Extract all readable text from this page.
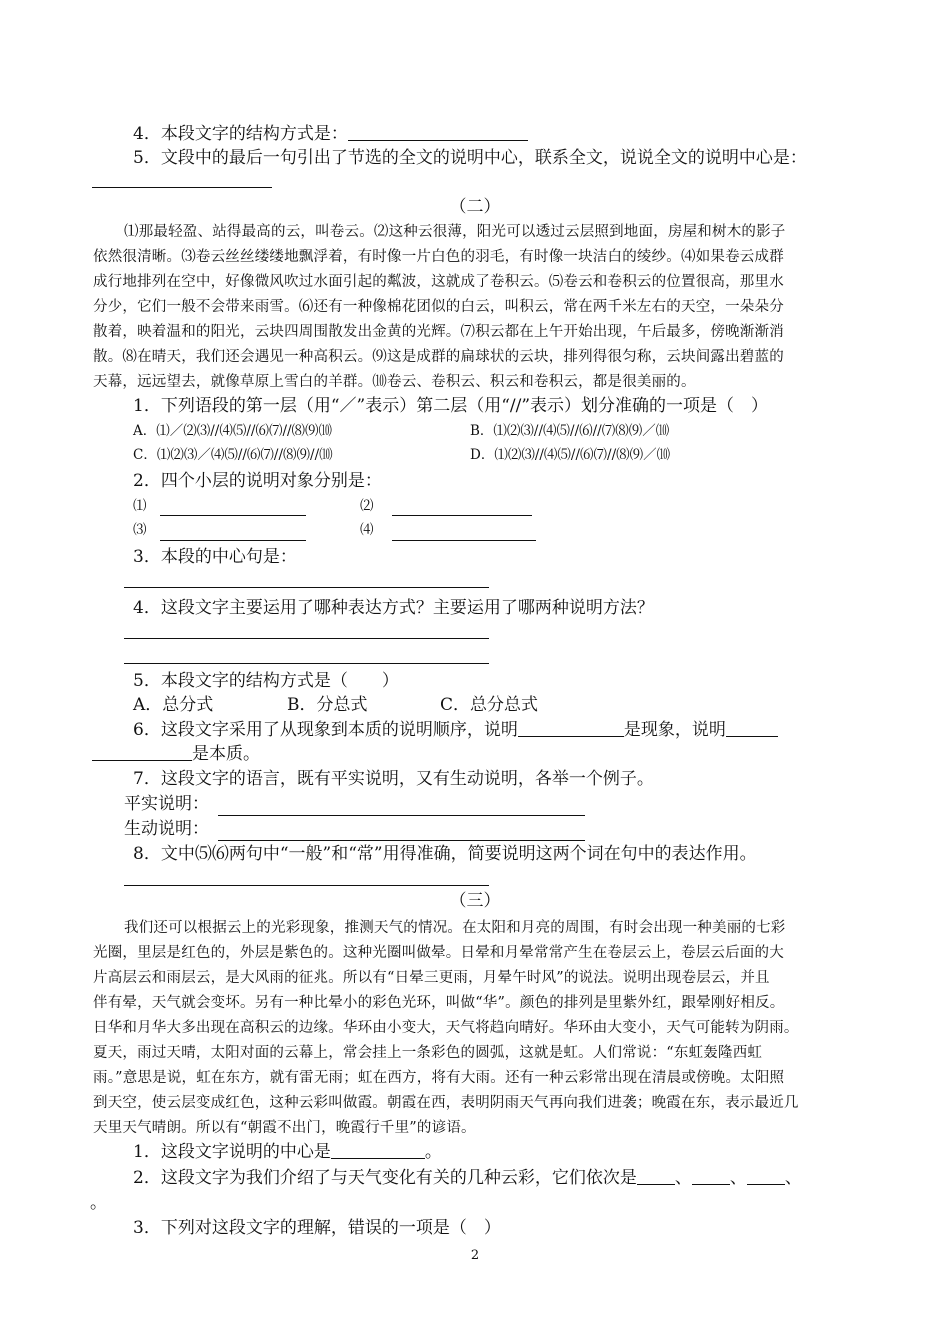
4．本段文字的结构方式是：
5．文段中的最后一句引出了节选的全文的说明中心，联系全文，说说全文的说明中心是：
（二）
⑴那最轻盈、站得最高的云，叫卷云。⑵这种云很薄，阳光可以透过云层照到地面，房屋和树木的影子
依然很清晰。⑶卷云丝丝缕缕地飘浮着，有时像一片白色的羽毛，有时像一块洁白的绫纱。⑷如果卷云成群
成行地排列在空中，好像微风吹过水面引起的粼波，这就成了卷积云。⑸卷云和卷积云的位置很高，那里水
分少，它们一般不会带来雨雪。⑹还有一种像棉花团似的白云，叫积云，常在两千米左右的天空，一朵朵分
散着，映着温和的阳光，云块四周围散发出金黄的光辉。⑺积云都在上午开始出现，午后最多，傍晚渐渐消
散。⑻在晴天，我们还会遇见一种高积云。⑼这是成群的扁球状的云块，排列得很匀称，云块间露出碧蓝的
天幕，远远望去，就像草原上雪白的羊群。⑽卷云、卷积云、积云和卷积云，都是很美丽的。
1．下列语段的第一层（用“／”表示）第二层（用“//”表示）划分准确的一项是（　）
A．⑴／⑵⑶//⑷⑸//⑹⑺//⑻⑼⑽	B．⑴⑵⑶//⑷⑸//⑹//⑺⑻⑼／⑽
C．⑴⑵⑶／⑷⑸//⑹⑺//⑻⑼//⑽	D．⑴⑵⑶//⑷⑸//⑹⑺//⑻⑼／⑽
2．四个小层的说明对象分别是：
⑴	⑵
⑶	⑷
3．本段的中心句是：
4．这段文字主要运用了哪种表达方式？主要运用了哪两种说明方法？
5．本段文字的结构方式是（　　）
A．总分式	B．分总式	C．总分总式
6．这段文字采用了从现象到本质的说明顺序，说明	是现象，说明
是本质。
7．这段文字的语言，既有平实说明，又有生动说明，各举一个例子。
平实说明：
生动说明：
8．文中⑸⑹两句中“一般”和“常”用得准确，简要说明这两个词在句中的表达作用。
（三）
我们还可以根据云上的光彩现象，推测天气的情况。在太阳和月亮的周围，有时会出现一种美丽的七彩
光圈，里层是红色的，外层是紫色的。这种光圈叫做晕。日晕和月晕常常产生在卷层云上，卷层云后面的大
片高层云和雨层云，是大风雨的征兆。所以有“日晕三更雨，月晕午时风”的说法。说明出现卷层云，并且
伴有晕，天气就会变坏。另有一种比晕小的彩色光环，叫做“华”。颜色的排列是里紫外红，跟晕刚好相反。
日华和月华大多出现在高积云的边缘。华环由小变大，天气将趋向晴好。华环由大变小，天气可能转为阴雨。
夏天，雨过天晴，太阳对面的云幕上，常会挂上一条彩色的圆弧，这就是虹。人们常说：“东虹轰隆西虹
雨。”意思是说，虹在东方，就有雷无雨；虹在西方，将有大雨。还有一种云彩常出现在清晨或傍晚。太阳照
到天空，使云层变成红色，这种云彩叫做霞。朝霞在西，表明阴雨天气再向我们进袭；晚霞在东，表示最近几
天里天气晴朗。所以有“朝霞不出门，晚霞行千里”的谚语。
1．这段文字说明的中心是	。
2．这段文字为我们介绍了与天气变化有关的几种云彩，它们依次是 、 、 、
。
3．下列对这段文字的理解，错误的一项是（　）
2
